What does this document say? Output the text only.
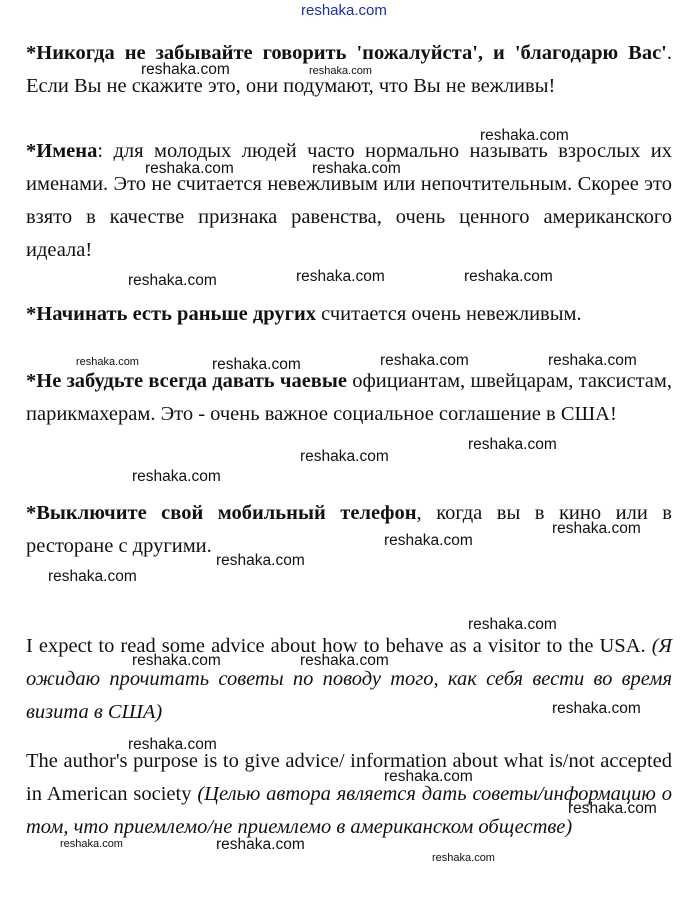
reshaka.com

*Никогда не забывайте говорить 'пожалуйста', и 'благодарю Вас'. Если Вы не скажите это, они подумают, что Вы не вежливы!

*Имена: для молодых людей часто нормально называть взрослых их именами. Это не считается невежливым или непочтительным. Скорее это взято в качестве признака равенства, очень ценного американского идеала!

*Начинать есть раньше других считается очень невежливым.

*Не забудьте всегда давать чаевые официантам, швейцарам, таксистам, парикмахерам. Это - очень важное социальное соглашение в США!

*Выключите свой мобильный телефон, когда вы в кино или в ресторане с другими.

I expect to read some advice about how to behave as a visitor to the USA. (Я ожидаю прочитать советы по поводу того, как себя вести во время визита в США)

The author's purpose is to give advice/ information about what is/not accepted in American society (Целью автора является дать советы/информацию о том, что приемлемо/не приемлемо в американском обществе)

reshaka.com	reshaka.com
reshaka.com
reshaka.com	reshaka.com
reshaka.com	reshaka.com	reshaka.com
reshaka.com	reshaka.com	reshaka.com	reshaka.com
reshaka.com
reshaka.com
reshaka.com
reshaka.com
reshaka.com
reshaka.com
reshaka.com
reshaka.com
reshaka.com	reshaka.com
reshaka.com
reshaka.com
reshaka.com
reshaka.com
reshaka.com	reshaka.com
reshaka.com
